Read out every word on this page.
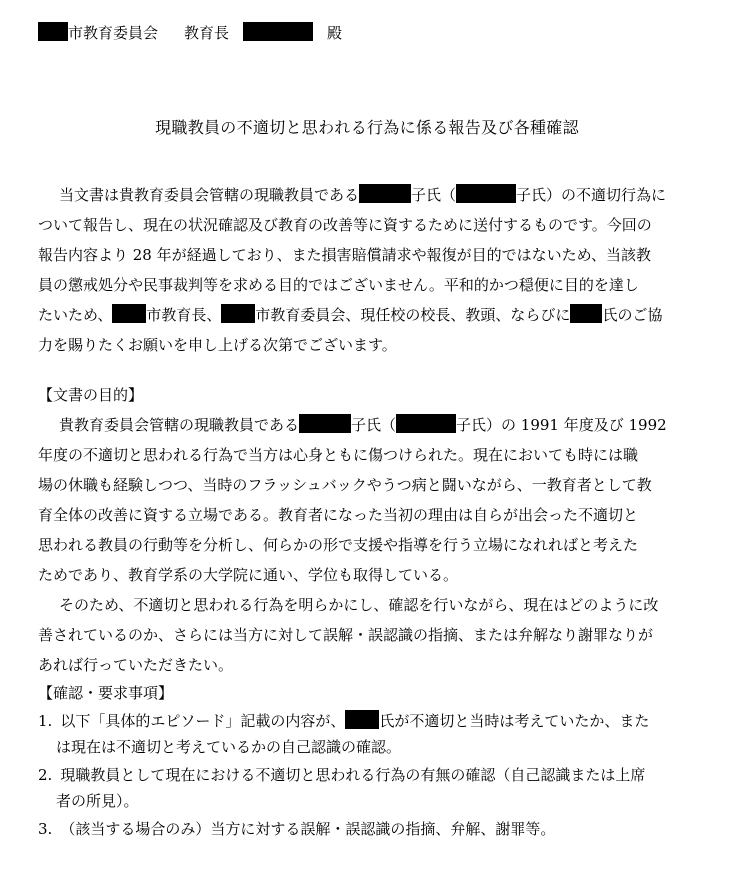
市教育委員会 教育長	殿
現職教員の不適切と思われる行為に係る報告及び各種確認
当文書は貴教育委員会管轄の現職教員である	子氏（	子氏）の不適切行為に
ついて報告し、現在の状況確認及び教育の改善等に資するために送付するものです。今回の
報告内容より 28 年が経過しており、また損害賠償請求や報復が目的ではないため、当該教
員の懲戒処分や民事裁判等を求める目的ではございません。平和的かつ穏便に目的を達し
たいため、 市教育長、 市教育委員会、現任校の校長、教頭、ならびに 氏のご協
力を賜りたくお願いを申し上げる次第でございます。
【文書の目的】
貴教育委員会管轄の現職教員である	子氏（	子氏）の 1991 年度及び 1992
年度の不適切と思われる行為で当方は心身ともに傷つけられた。現在においても時には職
場の休職も経験しつつ、当時のフラッシュバックやうつ病と闘いながら、一教育者として教
育全体の改善に資する立場である。教育者になった当初の理由は自らが出会った不適切と
思われる教員の行動等を分析し、何らかの形で支援や指導を行う立場になれればと考えた
ためであり、教育学系の大学院に通い、学位も取得している。
そのため、不適切と思われる行為を明らかにし、確認を行いながら、現在はどのように改
善されているのか、さらには当方に対して誤解・誤認識の指摘、または弁解なり謝罪なりが
あれば行っていただきたい。
【確認・要求事項】
1. 以下「具体的エピソード」記載の内容が、 氏が不適切と当時は考えていたか、また
は現在は不適切と考えているかの自己認識の確認。
2. 現職教員として現在における不適切と思われる行為の有無の確認（自己認識または上席
者の所見）。
3. （該当する場合のみ）当方に対する誤解・誤認識の指摘、弁解、謝罪等。
